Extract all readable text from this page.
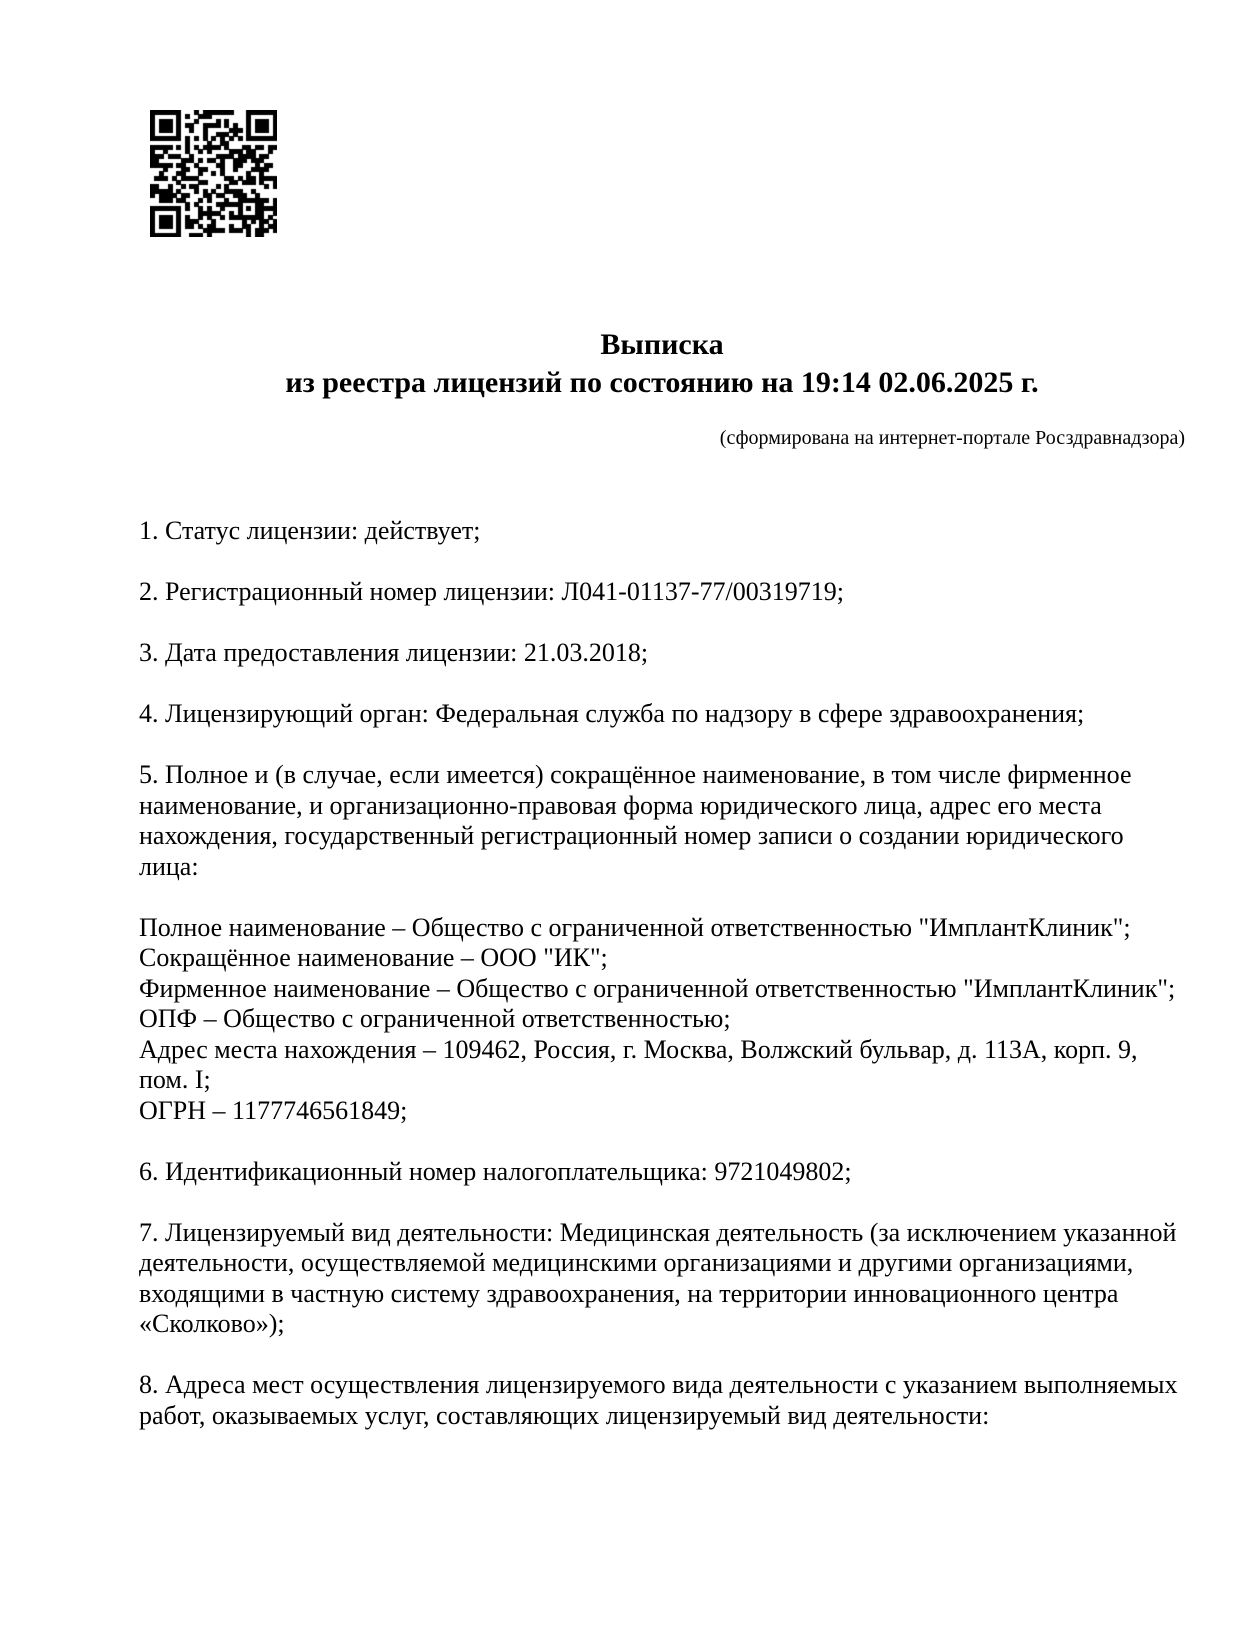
Выписка
из реестра лицензий по состоянию на 19:14 02.06.2025 г.
(сформирована на интернет-портале Росздравнадзора)

1. Статус лицензии: действует;

2. Регистрационный номер лицензии: Л041-01137-77/00319719;

3. Дата предоставления лицензии: 21.03.2018;

4. Лицензирующий орган: Федеральная служба по надзору в сфере здравоохранения;

5. Полное и (в случае, если имеется) сокращённое наименование, в том числе фирменное наименование, и организационно-правовая форма юридического лица, адрес его места нахождения, государственный регистрационный номер записи о создании юридического лица:

Полное наименование – Общество с ограниченной ответственностью "ИмплантКлиник";
Сокращённое наименование – ООО "ИК";
Фирменное наименование – Общество с ограниченной ответственностью "ИмплантКлиник";
ОПФ – Общество с ограниченной ответственностью;
Адрес места нахождения – 109462, Россия, г. Москва, Волжский бульвар, д. 113А, корп. 9, пом. I;
ОГРН – 1177746561849;

6. Идентификационный номер налогоплательщика: 9721049802;

7. Лицензируемый вид деятельности: Медицинская деятельность (за исключением указанной деятельности, осуществляемой медицинскими организациями и другими организациями, входящими в частную систему здравоохранения, на территории инновационного центра «Сколково»);

8. Адреса мест осуществления лицензируемого вида деятельности с указанием выполняемых работ, оказываемых услуг, составляющих лицензируемый вид деятельности:
